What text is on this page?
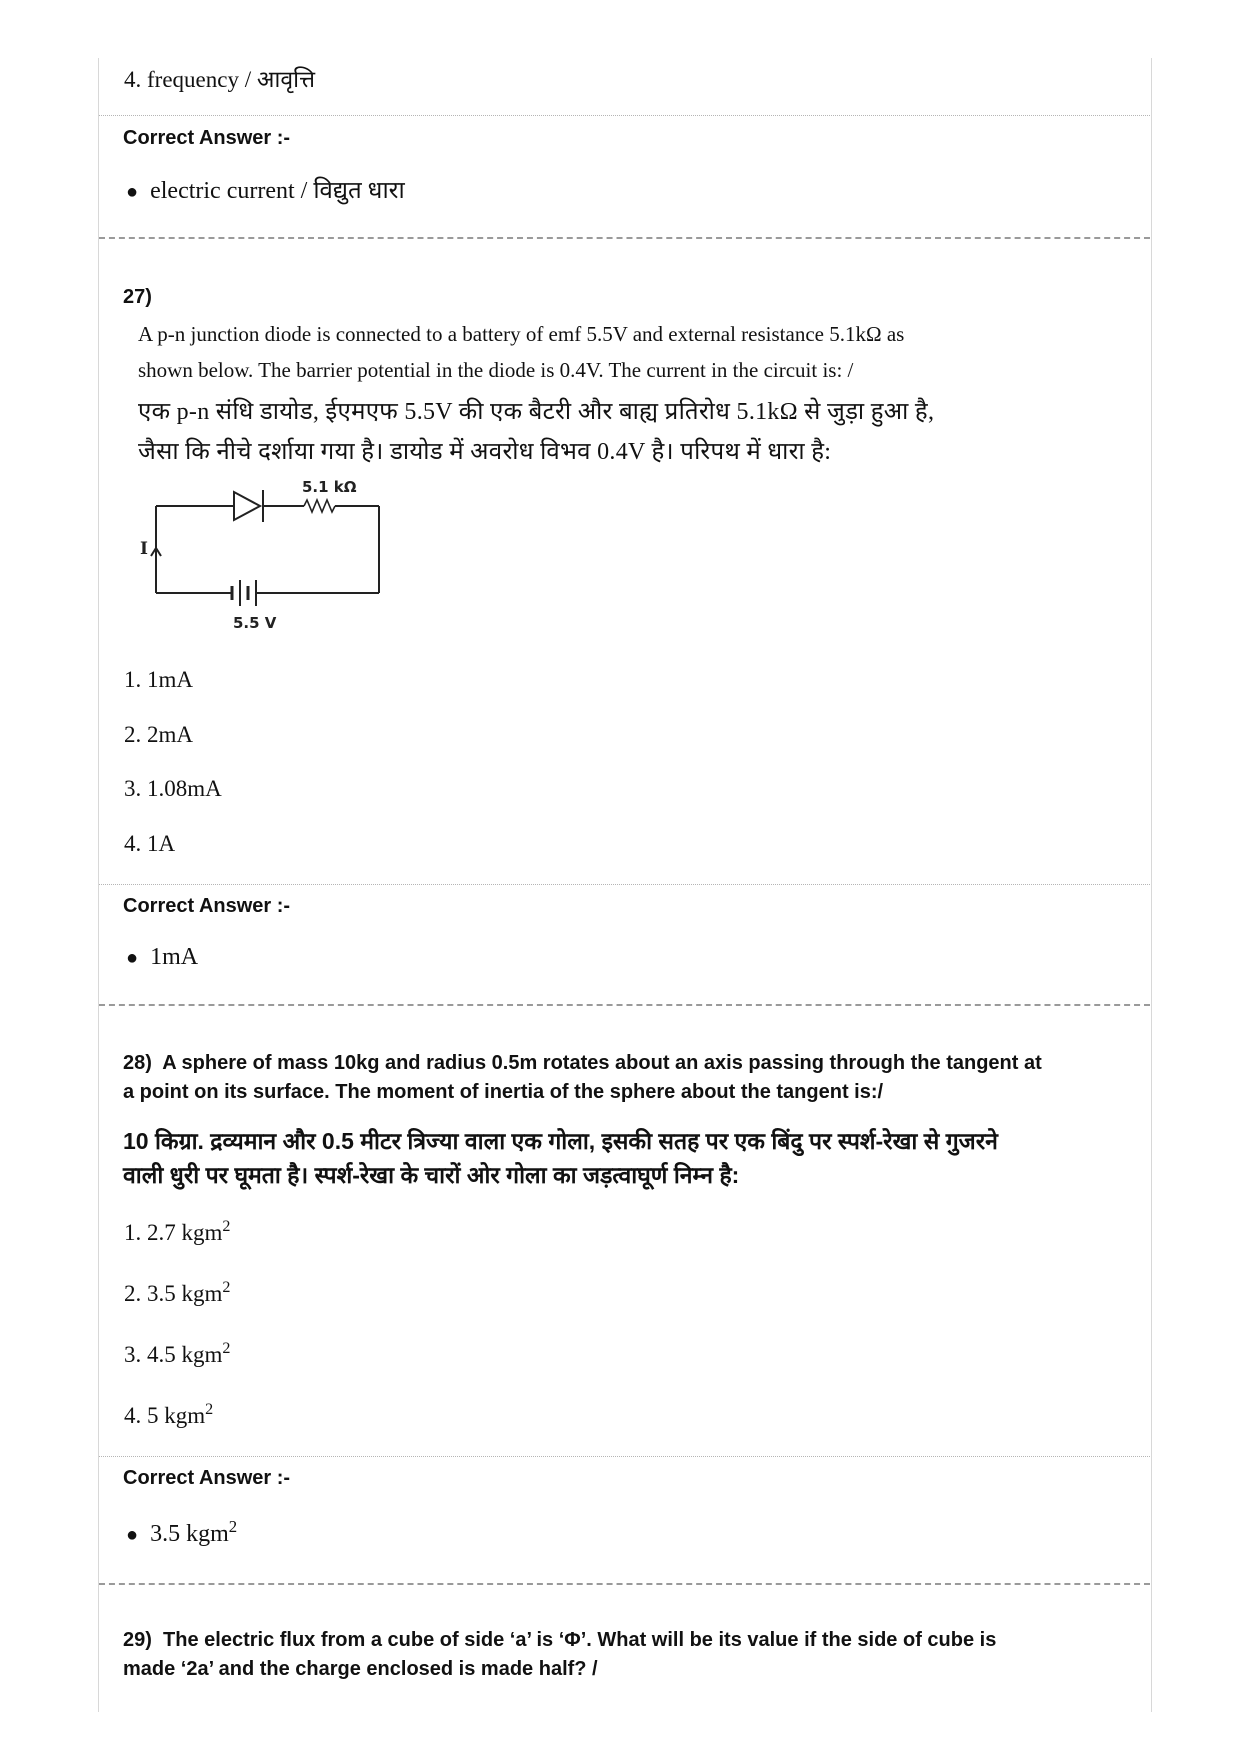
4. frequency / आवृत्ति
Correct Answer :-
● electric current / विद्युत धारा
27)
A p-n junction diode is connected to a battery of emf 5.5V and external resistance 5.1kΩ as
shown below. The barrier potential in the diode is 0.4V. The current in the circuit is: /
एक p-n संधि डायोड, ईएमएफ 5.5V की एक बैटरी और बाह्य प्रतिरोध 5.1kΩ से जुड़ा हुआ है,
जैसा कि नीचे दर्शाया गया है। डायोड में अवरोध विभव 0.4V है। परिपथ में धारा है:
5.1 kΩ
5.5 V
I
1. 1mA
2. 2mA
3. 1.08mA
4. 1A
Correct Answer :-
● 1mA
28) A sphere of mass 10kg and radius 0.5m rotates about an axis passing through the tangent at
a point on its surface. The moment of inertia of the sphere about the tangent is:/
10 किग्रा. द्रव्यमान और 0.5 मीटर त्रिज्या वाला एक गोला, इसकी सतह पर एक बिंदु पर स्पर्श-रेखा से गुजरने
वाली धुरी पर घूमता है। स्पर्श-रेखा के चारों ओर गोला का जड़त्वाघूर्ण निम्न है:
1. 2.7 kgm$^2$
2. 3.5 kgm$^2$
3. 4.5 kgm$^2$
4. 5 kgm$^2$
Correct Answer :-
● 3.5 kgm$^2$
29) The electric flux from a cube of side ‘a’ is ‘Φ’. What will be its value if the side of cube is
made ‘2a’ and the charge enclosed is made half? /
